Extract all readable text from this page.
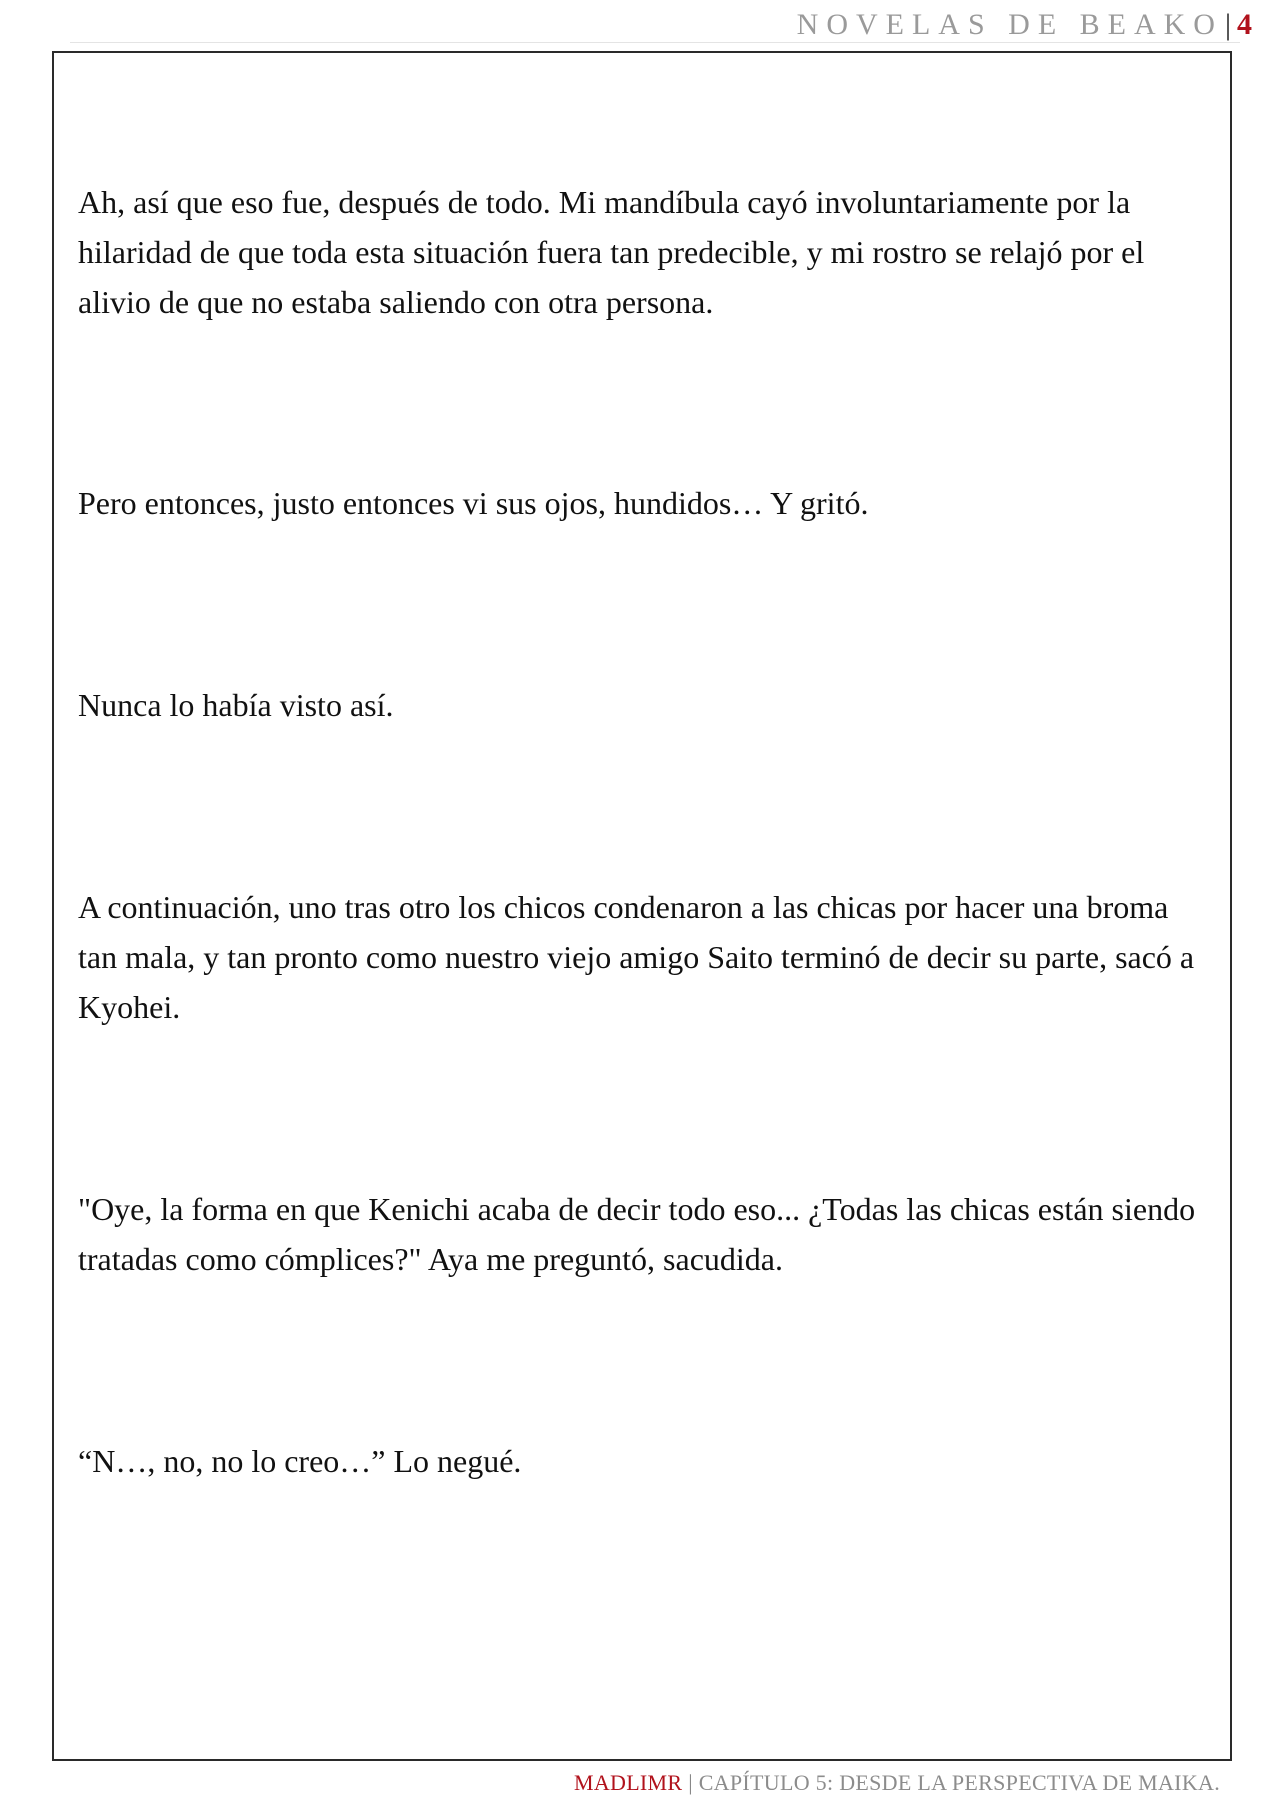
NOVELAS DE BEAKO | 4

Ah, así que eso fue, después de todo. Mi mandíbula cayó involuntariamente por la hilaridad de que toda esta situación fuera tan predecible, y mi rostro se relajó por el alivio de que no estaba saliendo con otra persona.

Pero entonces, justo entonces vi sus ojos, hundidos… Y gritó.

Nunca lo había visto así.

A continuación, uno tras otro los chicos condenaron a las chicas por hacer una broma tan mala, y tan pronto como nuestro viejo amigo Saito terminó de decir su parte, sacó a Kyohei.

"Oye, la forma en que Kenichi acaba de decir todo eso... ¿Todas las chicas están siendo tratadas como cómplices?" Aya me preguntó, sacudida.

“N…, no, no lo creo…” Lo negué.

MADLIMR | CAPÍTULO 5: DESDE LA PERSPECTIVA DE MAIKA.
